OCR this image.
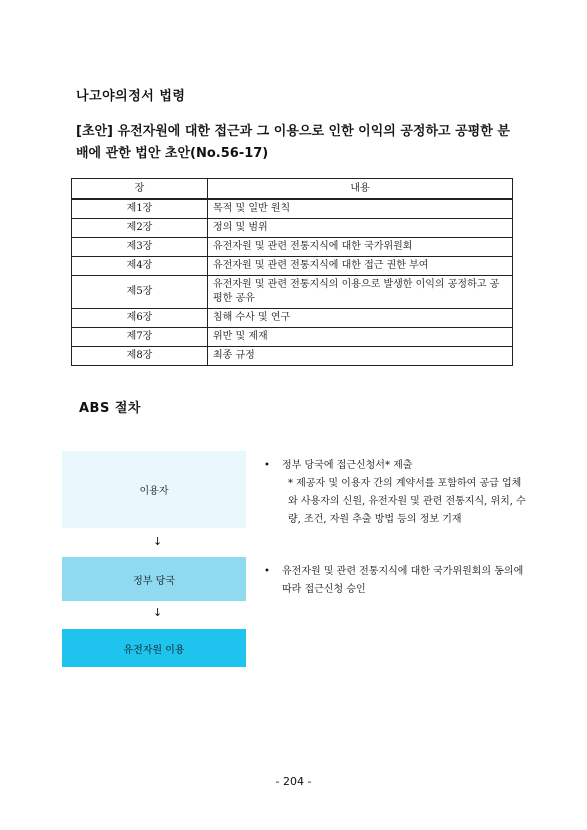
나고야의정서 법령
[초안] 유전자원에 대한 접근과 그 이용으로 인한 이익의 공정하고 공평한 분배에 관한 법안 초안(No.56-17)
장	내용
제1장	목적 및 일반 원칙
제2장	정의 및 범위
제3장	유전자원 및 관련 전통지식에 대한 국가위원회
제4장	유전자원 및 관련 전통지식에 대한 접근 권한 부여
제5장	유전자원 및 관련 전통지식의 이용으로 발생한 이익의 공정하고 공평한 공유
제6장	침해 수사 및 연구
제7장	위반 및 제재
제8장	최종 규정
ABS 절차
이용자
↓
정부 당국
↓
유전자원 이용
• 정부 당국에 접근신청서* 제출
* 제공자 및 이용자 간의 계약서를 포함하여 공급 업체와 사용자의 신원, 유전자원 및 관련 전통지식, 위치, 수량, 조건, 자원 추출 방법 등의 정보 기재
• 유전자원 및 관련 전통지식에 대한 국가위원회의 동의에 따라 접근신청 승인
- 204 -
